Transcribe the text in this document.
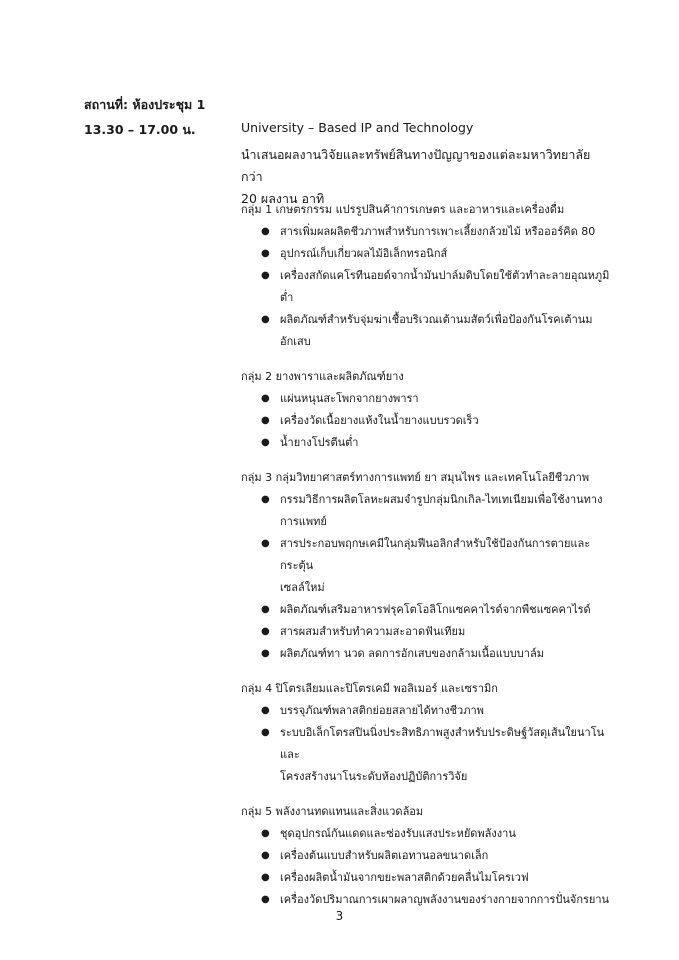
สถานที่: ห้องประชุม 1
13.30 – 17.00 น.	University – Based IP and Technology
นำเสนอผลงานวิจัยและทรัพย์สินทางปัญญาของแต่ละมหาวิทยาลัยกว่า
20 ผลงาน อาทิ
กลุ่ม 1 เกษตรกรรม แปรรูปสินค้าการเกษตร และอาหารและเครื่องดื่ม
● สารเพิ่มผลผลิตชีวภาพสำหรับการเพาะเลี้ยงกล้วยไม้ หรือออร์คิด 80
● อุปกรณ์เก็บเกี่ยวผลไม้อิเล็กทรอนิกส์
● เครื่องสกัดแคโรทีนอยด์จากน้ำมันปาล์มดิบโดยใช้ตัวทำละลายอุณหภูมิต่ำ
● ผลิตภัณฑ์สำหรับจุ่มฆ่าเชื้อบริเวณเต้านมสัตว์เพื่อป้องกันโรคเต้านมอักเสบ
กลุ่ม 2 ยางพาราและผลิตภัณฑ์ยาง
● แผ่นหนุนสะโพกจากยางพารา
● เครื่องวัดเนื้อยางแห้งในน้ำยางแบบรวดเร็ว
● น้ำยางโปรตีนต่ำ
กลุ่ม 3 กลุ่มวิทยาศาสตร์ทางการแพทย์ ยา สมุนไพร และเทคโนโลยีชีวภาพ
● กรรมวิธีการผลิตโลหะผสมจำรูปกลุ่มนิกเกิล-ไทเทเนียมเพื่อใช้งานทาง
การแพทย์
● สารประกอบพฤกษเคมีในกลุ่มฟีนอลิกสำหรับใช้ป้องกันการตายและกระตุ้น
เซลล์ใหม่
● ผลิตภัณฑ์เสริมอาหารฟรุคโตโอลิโกแซคคาไรด์จากพืชแซคคาไรด์
● สารผสมสำหรับทำความสะอาดฟันเทียม
● ผลิตภัณฑ์ทา นวด ลดการอักเสบของกล้ามเนื้อแบบบาล์ม
กลุ่ม 4 ปิโตรเลียมและปิโตรเคมี พอลิเมอร์ และเซรามิก
● บรรจุภัณฑ์พลาสติกย่อยสลายได้ทางชีวภาพ
● ระบบอิเล็กโตรสปินนิ่งประสิทธิภาพสูงสำหรับประดิษฐ์วัสดุเส้นใยนาโนและ
โครงสร้างนาโนระดับห้องปฏิบัติการวิจัย
กลุ่ม 5 พลังงานทดแทนและสิ่งแวดล้อม
● ชุดอุปกรณ์กันแดดและซ่องรับแสงประหยัดพลังงาน
● เครื่องต้นแบบสำหรับผลิตเอทานอลขนาดเล็ก
● เครื่องผลิตน้ำมันจากขยะพลาสติกด้วยคลื่นไมโครเวฟ
● เครื่องวัดปริมาณการเผาผลาญพลังงานของร่างกายจากการปั่นจักรยาน
3
